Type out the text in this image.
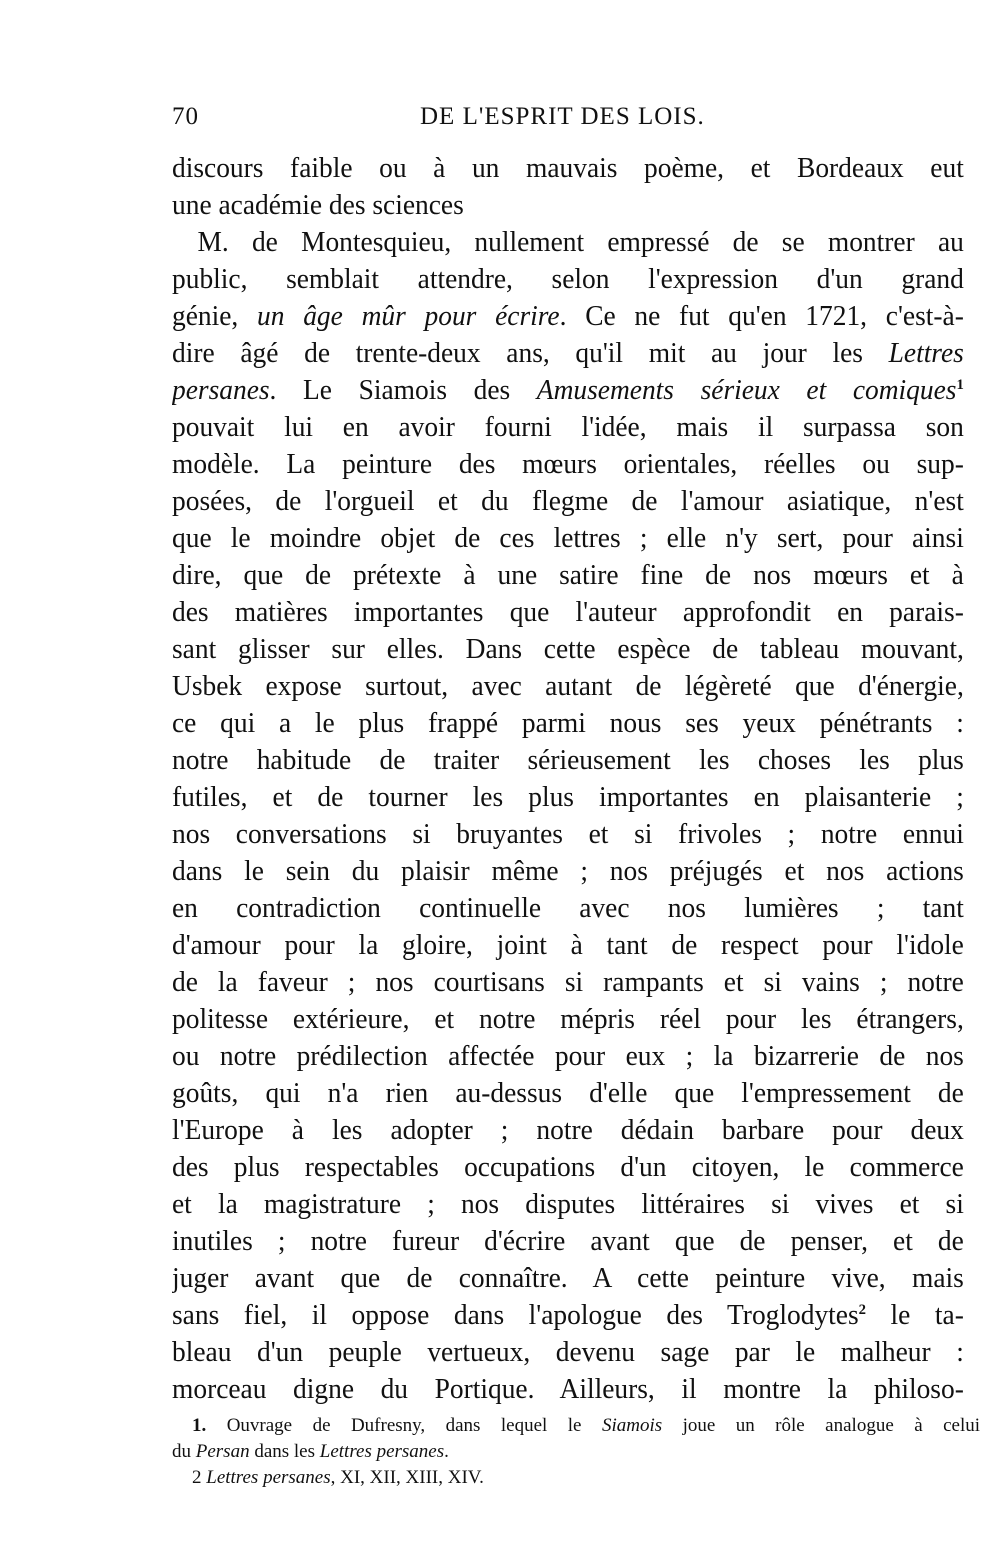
70	DE L'ESPRIT DES LOIS.
discours faible ou à un mauvais poème, et Bordeaux eut
une académie des sciences
M. de Montesquieu, nullement empressé de se montrer au
public, semblait attendre, selon l'expression d'un grand
génie, un âge mûr pour écrire. Ce ne fut qu'en 1721, c'est-à-
dire âgé de trente-deux ans, qu'il mit au jour les Lettres
persanes. Le Siamois des Amusements sérieux et comiques$^1$
pouvait lui en avoir fourni l'idée, mais il surpassa son
modèle. La peinture des mœurs orientales, réelles ou sup-
posées, de l'orgueil et du flegme de l'amour asiatique, n'est
que le moindre objet de ces lettres ; elle n'y sert, pour ainsi
dire, que de prétexte à une satire fine de nos mœurs et à
des matières importantes que l'auteur approfondit en parais-
sant glisser sur elles. Dans cette espèce de tableau mouvant,
Usbek expose surtout, avec autant de légèreté que d'énergie,
ce qui a le plus frappé parmi nous ses yeux pénétrants :
notre habitude de traiter sérieusement les choses les plus
futiles, et de tourner les plus importantes en plaisanterie ;
nos conversations si bruyantes et si frivoles ; notre ennui
dans le sein du plaisir même ; nos préjugés et nos actions
en contradiction continuelle avec nos lumières ; tant
d'amour pour la gloire, joint à tant de respect pour l'idole
de la faveur ; nos courtisans si rampants et si vains ; notre
politesse extérieure, et notre mépris réel pour les étrangers,
ou notre prédilection affectée pour eux ; la bizarrerie de nos
goûts, qui n'a rien au-dessus d'elle que l'empressement de
l'Europe à les adopter ; notre dédain barbare pour deux
des plus respectables occupations d'un citoyen, le commerce
et la magistrature ; nos disputes littéraires si vives et si
inutiles ; notre fureur d'écrire avant que de penser, et de
juger avant que de connaître. A cette peinture vive, mais
sans fiel, il oppose dans l'apologue des Troglodytes$^2$ le ta-
bleau d'un peuple vertueux, devenu sage par le malheur :
morceau digne du Portique. Ailleurs, il montre la philoso-
1. Ouvrage de Dufresny, dans lequel le Siamois joue un rôle analogue à celui
du Persan dans les Lettres persanes.
2 Lettres persanes, XI, XII, XIII, XIV.
